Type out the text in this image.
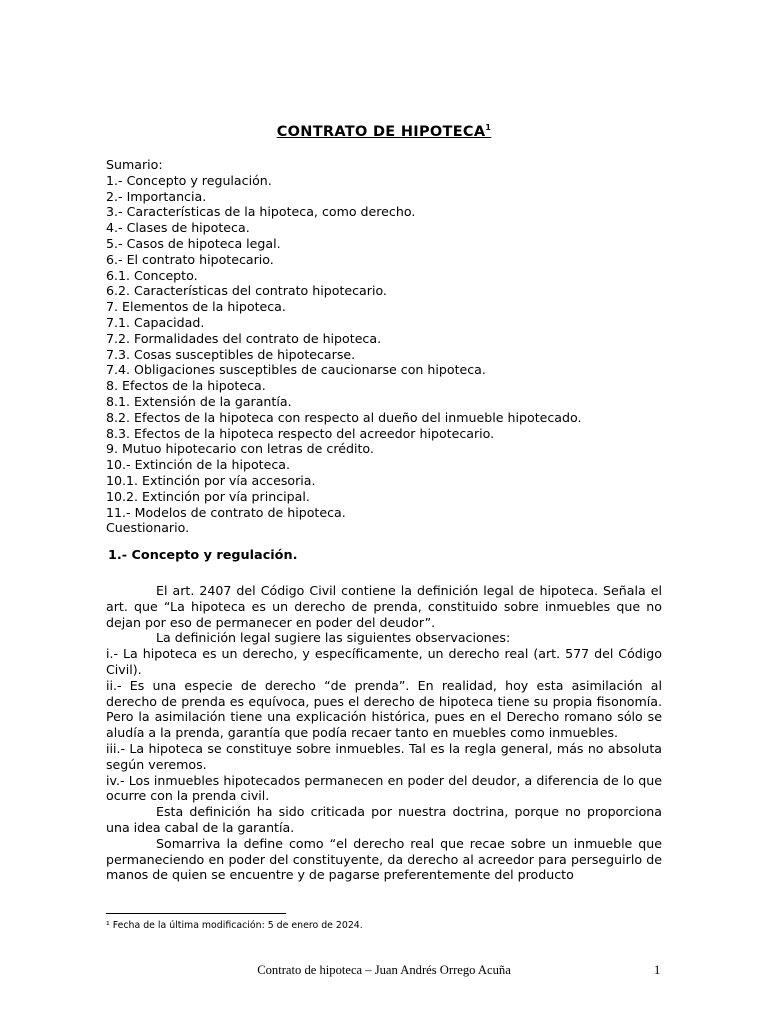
CONTRATO DE HIPOTECA$^1$
Sumario:
1.- Concepto y regulación.
2.- Importancia.
3.- Características de la hipoteca, como derecho.
4.- Clases de hipoteca.
5.- Casos de hipoteca legal.
6.- El contrato hipotecario.
6.1. Concepto.
6.2. Características del contrato hipotecario.
7. Elementos de la hipoteca.
7.1. Capacidad.
7.2. Formalidades del contrato de hipoteca.
7.3. Cosas susceptibles de hipotecarse.
7.4. Obligaciones susceptibles de caucionarse con hipoteca.
8. Efectos de la hipoteca.
8.1. Extensión de la garantía.
8.2. Efectos de la hipoteca con respecto al dueño del inmueble hipotecado.
8.3. Efectos de la hipoteca respecto del acreedor hipotecario.
9. Mutuo hipotecario con letras de crédito.
10.- Extinción de la hipoteca.
10.1. Extinción por vía accesoria.
10.2. Extinción por vía principal.
11.- Modelos de contrato de hipoteca.
Cuestionario.
1.- Concepto y regulación.

El art. 2407 del Código Civil contiene la definición legal de hipoteca. Señala el art. que “La hipoteca es un derecho de prenda, constituido sobre inmuebles que no dejan por eso de permanecer en poder del deudor”.

La definición legal sugiere las siguientes observaciones:

i.- La hipoteca es un derecho, y específicamente, un derecho real (art. 577 del Código Civil).

ii.- Es una especie de derecho “de prenda”. En realidad, hoy esta asimilación al derecho de prenda es equívoca, pues el derecho de hipoteca tiene su propia fisonomía. Pero la asimilación tiene una explicación histórica, pues en el Derecho romano sólo se aludía a la prenda, garantía que podía recaer tanto en muebles como inmuebles.

iii.- La hipoteca se constituye sobre inmuebles. Tal es la regla general, más no absoluta según veremos.

iv.- Los inmuebles hipotecados permanecen en poder del deudor, a diferencia de lo que ocurre con la prenda civil.

Esta definición ha sido criticada por nuestra doctrina, porque no proporciona una idea cabal de la garantía.

Somarriva la define como “el derecho real que recae sobre un inmueble que permaneciendo en poder del constituyente, da derecho al acreedor para perseguirlo de manos de quien se encuentre y de pagarse preferentemente del producto

¹ Fecha de la última modificación: 5 de enero de 2024.
Contrato de hipoteca – Juan Andrés Orrego Acuña	1
